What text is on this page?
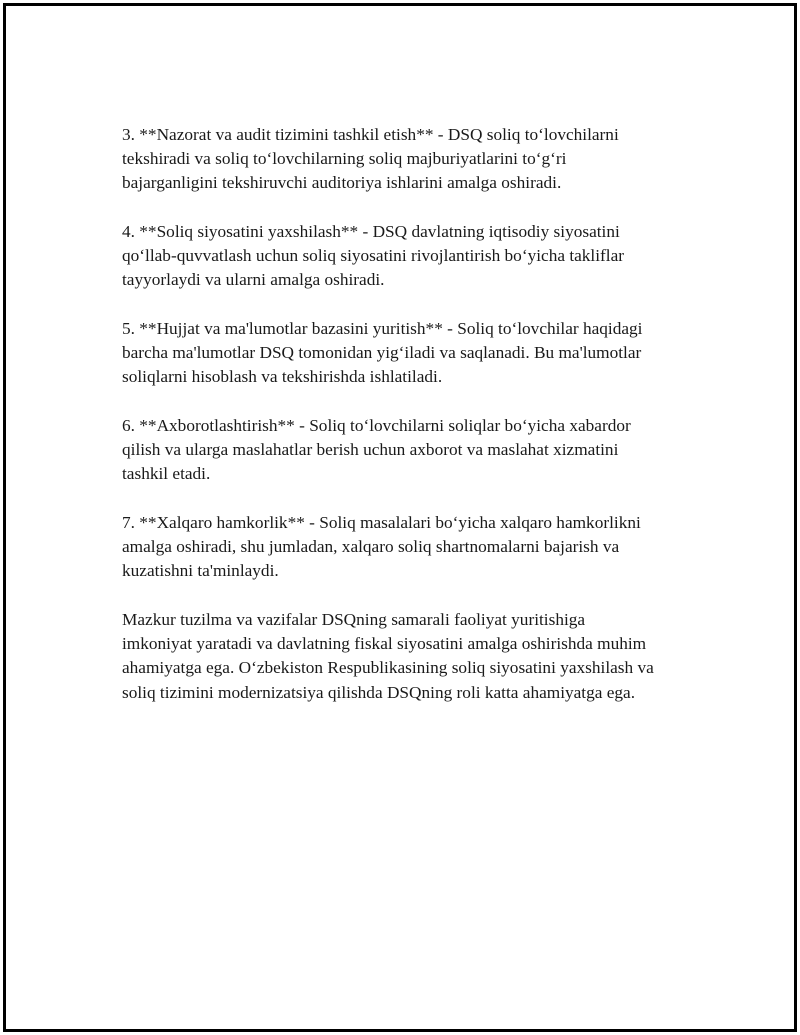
3. **Nazorat va audit tizimini tashkil etish** - DSQ soliq to‘lovchilarni
tekshiradi va soliq to‘lovchilarning soliq majburiyatlarini to‘g‘ri
bajarganligini tekshiruvchi auditoriya ishlarini amalga oshiradi.

4. **Soliq siyosatini yaxshilash** - DSQ davlatning iqtisodiy siyosatini
qo‘llab-quvvatlash uchun soliq siyosatini rivojlantirish bo‘yicha takliflar
tayyorlaydi va ularni amalga oshiradi.

5. **Hujjat va ma'lumotlar bazasini yuritish** - Soliq to‘lovchilar haqidagi
barcha ma'lumotlar DSQ tomonidan yig‘iladi va saqlanadi. Bu ma'lumotlar
soliqlarni hisoblash va tekshirishda ishlatiladi.

6. **Axborotlashtirish** - Soliq to‘lovchilarni soliqlar bo‘yicha xabardor
qilish va ularga maslahatlar berish uchun axborot va maslahat xizmatini
tashkil etadi.

7. **Xalqaro hamkorlik** - Soliq masalalari bo‘yicha xalqaro hamkorlikni
amalga oshiradi, shu jumladan, xalqaro soliq shartnomalarni bajarish va
kuzatishni ta'minlaydi.

Mazkur tuzilma va vazifalar DSQning samarali faoliyat yuritishiga
imkoniyat yaratadi va davlatning fiskal siyosatini amalga oshirishda muhim
ahamiyatga ega. O‘zbekiston Respublikasining soliq siyosatini yaxshilash va
soliq tizimini modernizatsiya qilishda DSQning roli katta ahamiyatga ega.
